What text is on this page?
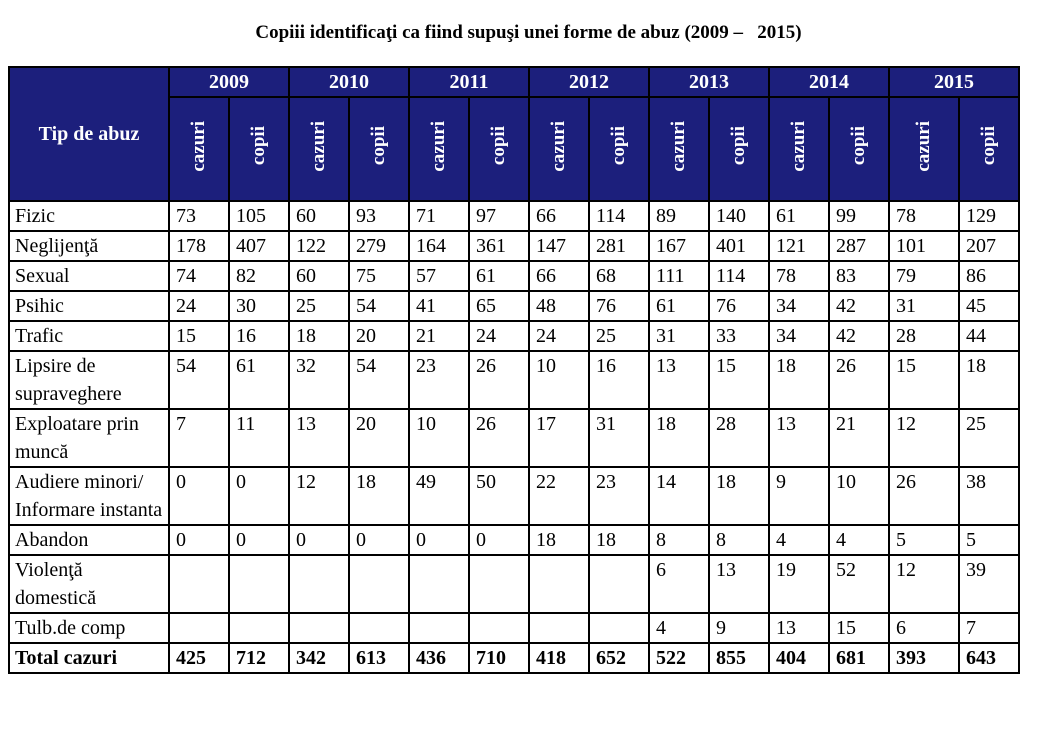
Copiii identificaţi ca fiind supuşi unei forme de abuz (2009 –   2015)
Tip de abuz	2009		2010		2011		2012		2013		2014		2015	
	cazuri	copii	cazuri	copii	cazuri	copii	cazuri	copii	cazuri	copii	cazuri	copii	cazuri	copii
Fizic	73	105	60	93	71	97	66	114	89	140	61	99	78	129
Neglijenţă	178	407	122	279	164	361	147	281	167	401	121	287	101	207
Sexual	74	82	60	75	57	61	66	68	111	114	78	83	79	86
Psihic	24	30	25	54	41	65	48	76	61	76	34	42	31	45
Trafic	15	16	18	20	21	24	24	25	31	33	34	42	28	44
Lipsire de supraveghere	54	61	32	54	23	26	10	16	13	15	18	26	15	18
Exploatare prin muncă	7	11	13	20	10	26	17	31	18	28	13	21	12	25
Audiere minori/ Informare instanta	0	0	12	18	49	50	22	23	14	18	9	10	26	38
Abandon	0	0	0	0	0	0	18	18	8	8	4	4	5	5
Violenţă domestică									6	13	19	52	12	39
Tulb.de comp									4	9	13	15	6	7
Total cazuri	425	712	342	613	436	710	418	652	522	855	404	681	393	643
